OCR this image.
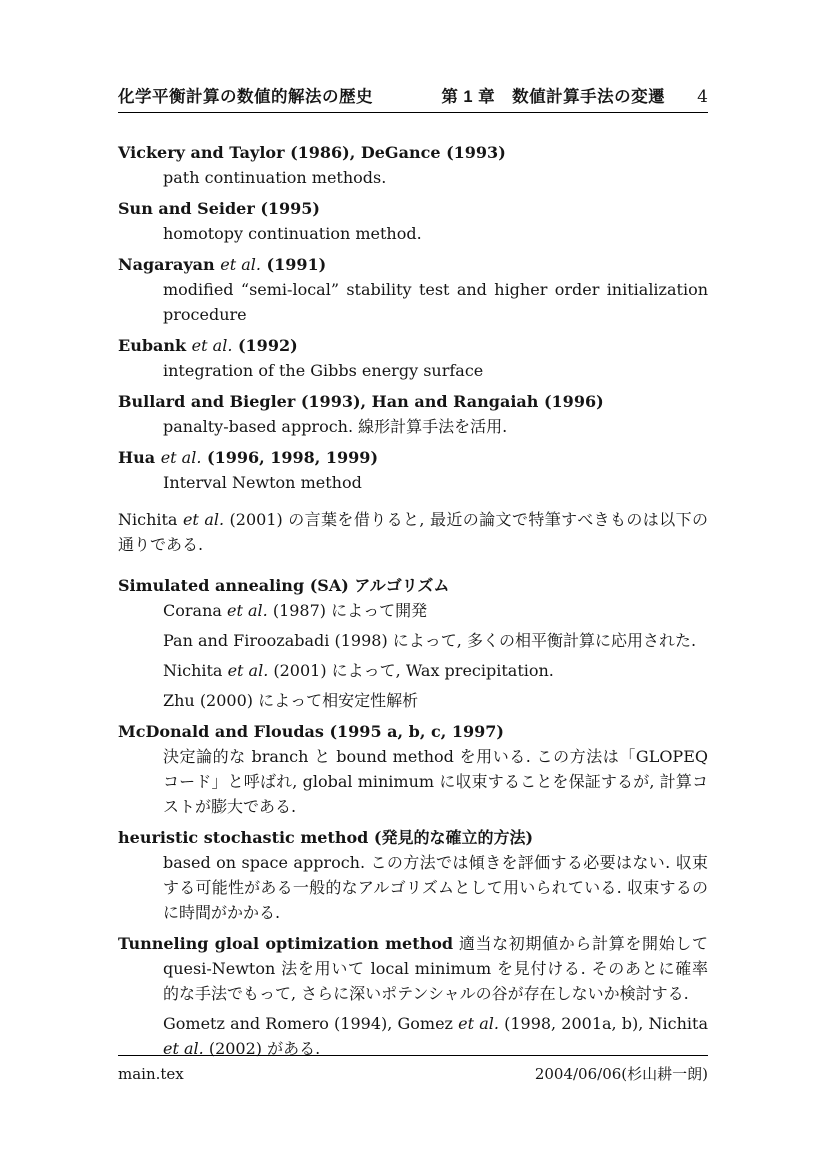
化学平衡計算の数値的解法の歴史	第 1 章　数値計算手法の変遷 4
Vickery and Taylor (1986), DeGance (1993)
path continuation methods.
Sun and Seider (1995)
homotopy continuation method.
Nagarayan et al. (1991)
modified “semi-local” stability test and higher order initialization procedure
Eubank et al. (1992)
integration of the Gibbs energy surface
Bullard and Biegler (1993), Han and Rangaiah (1996)
panalty-based approch. 線形計算手法を活用.
Hua et al. (1996, 1998, 1999)
Interval Newton method
Nichita et al. (2001) の言葉を借りると, 最近の論文で特筆すべきものは以下の通りである.
Simulated annealing (SA) アルゴリズム
Corana et al. (1987) によって開発
Pan and Firoozabadi (1998) によって, 多くの相平衡計算に応用された.
Nichita et al. (2001) によって, Wax precipitation.
Zhu (2000) によって相安定性解析
McDonald and Floudas (1995 a, b, c, 1997)
決定論的な branch と bound method を用いる. この方法は「GLOPEQ コード」と呼ばれ, global minimum に収束することを保証するが, 計算コストが膨大である.
heuristic stochastic method (発見的な確立的方法)
based on space approch. この方法では傾きを評価する必要はない. 収束する可能性がある一般的なアルゴリズムとして用いられている. 収束するのに時間がかかる.
Tunneling gloal optimization method 適当な初期値から計算を開始して quesi-Newton 法を用いて local minimum を見付ける. そのあとに確率的な手法でもって, さらに深いポテンシャルの谷が存在しないか検討する.
Gometz and Romero (1994), Gomez et al. (1998, 2001a, b), Nichita et al. (2002) がある.
main.tex	2004/06/06(杉山耕一朗)
